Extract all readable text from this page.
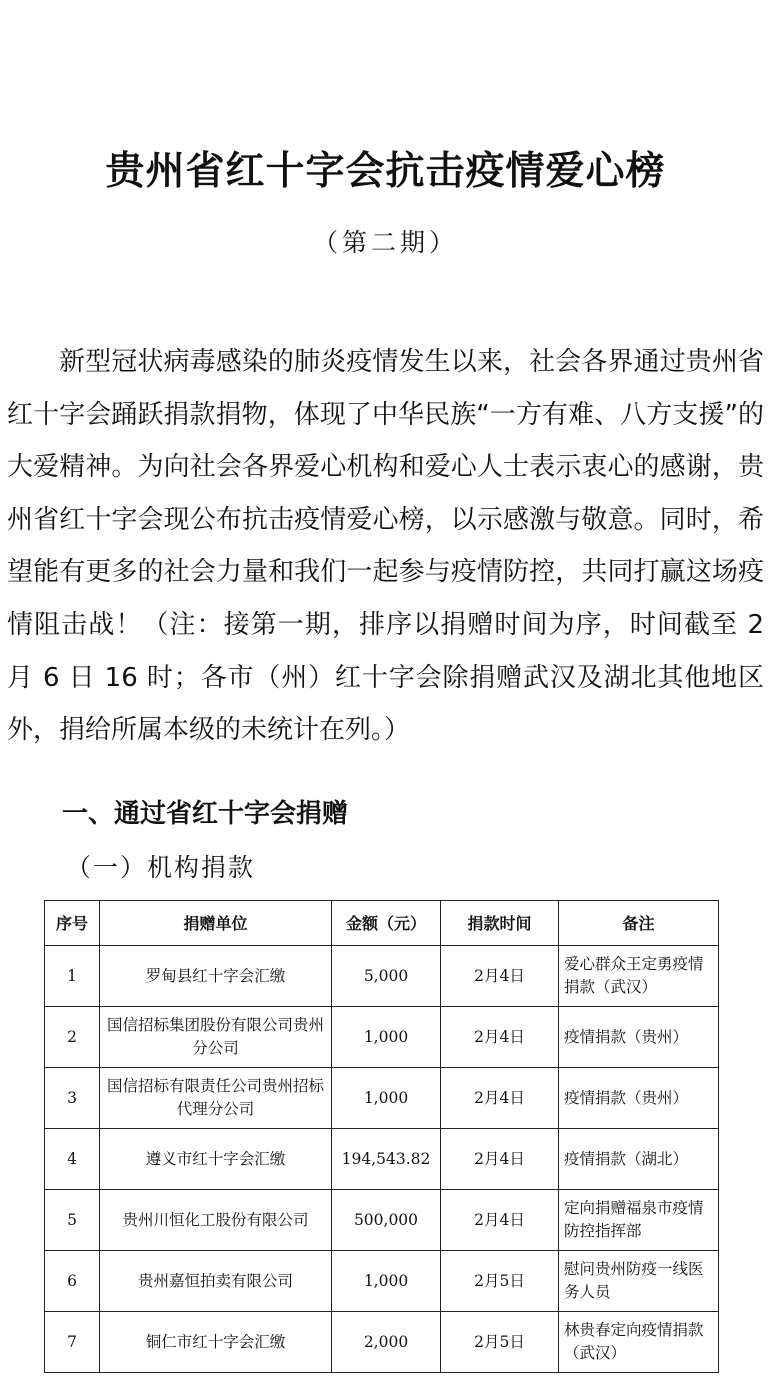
贵州省红十字会抗击疫情爱心榜
（第二期）

新型冠状病毒感染的肺炎疫情发生以来，社会各界通过贵州省红十字会踊跃捐款捐物，体现了中华民族“一方有难、八方支援”的大爱精神。为向社会各界爱心机构和爱心人士表示衷心的感谢，贵州省红十字会现公布抗击疫情爱心榜，以示感激与敬意。同时，希望能有更多的社会力量和我们一起参与疫情防控，共同打赢这场疫情阻击战！（注：接第一期，排序以捐赠时间为序，时间截至 2 月 6 日 16 时；各市（州）红十字会除捐赠武汉及湖北其他地区外，捐给所属本级的未统计在列。）

一、通过省红十字会捐赠
（一）机构捐款
序号	捐赠单位	金额（元）	捐款时间	备注
1	罗甸县红十字会汇缴	5,000	2月4日	爱心群众王定勇疫情捐款（武汉）
2	国信招标集团股份有限公司贵州分公司	1,000	2月4日	疫情捐款（贵州）
3	国信招标有限责任公司贵州招标代理分公司	1,000	2月4日	疫情捐款（贵州）
4	遵义市红十字会汇缴	194,543.82	2月4日	疫情捐款（湖北）
5	贵州川恒化工股份有限公司	500,000	2月4日	定向捐赠福泉市疫情防控指挥部
6	贵州嘉恒拍卖有限公司	1,000	2月5日	慰问贵州防疫一线医务人员
7	铜仁市红十字会汇缴	2,000	2月5日	林贵春定向疫情捐款（武汉）
